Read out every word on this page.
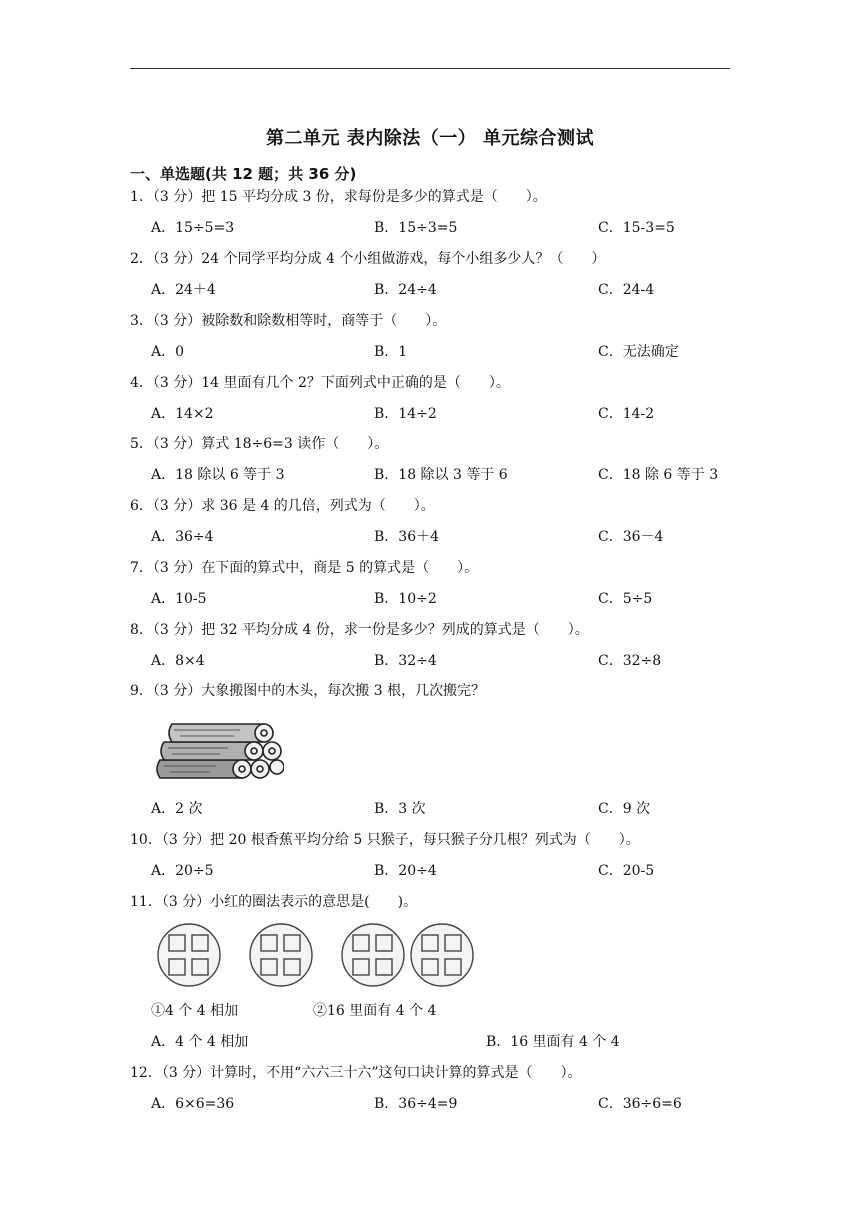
第二单元 表内除法（一） 单元综合测试
一、单选题(共 12 题；共 36 分)
1．（3 分）把 15 平均分成 3 份，求每份是多少的算式是（　　）。
A．15÷5=3	B．15÷3=5	C．15-3=5
2．（3 分）24 个同学平均分成 4 个小组做游戏，每个小组多少人？（　　）
A．24＋4	B．24÷4	C．24-4
3．（3 分）被除数和除数相等时，商等于（　　）。
A．0	B．1	C．无法确定
4．（3 分）14 里面有几个 2？下面列式中正确的是（　　）。
A．14×2	B．14÷2	C．14-2
5．（3 分）算式 18÷6=3 读作（　　）。
A．18 除以 6 等于 3	B．18 除以 3 等于 6	C．18 除 6 等于 3
6．（3 分）求 36 是 4 的几倍，列式为（　　）。
A．36÷4	B．36＋4	C．36－4
7．（3 分）在下面的算式中，商是 5 的算式是（　　）。
A．10-5	B．10÷2	C．5÷5
8．（3 分）把 32 平均分成 4 份，求一份是多少？列成的算式是（　　）。
A．8×4	B．32÷4	C．32÷8
9．（3 分）大象搬图中的木头，每次搬 3 根，几次搬完？
A．2 次	B．3 次	C．9 次
10．（3 分）把 20 根香蕉平均分给 5 只猴子，每只猴子分几根？列式为（　　）。
A．20÷5	B．20÷4	C．20-5
11．（3 分）小红的圈法表示的意思是(　　)。
①4 个 4 相加	②16 里面有 4 个 4
A．4 个 4 相加	B．16 里面有 4 个 4
12．（3 分）计算时，不用“六六三十六”这句口诀计算的算式是（　　）。
A．6×6=36	B．36÷4=9	C．36÷6=6
